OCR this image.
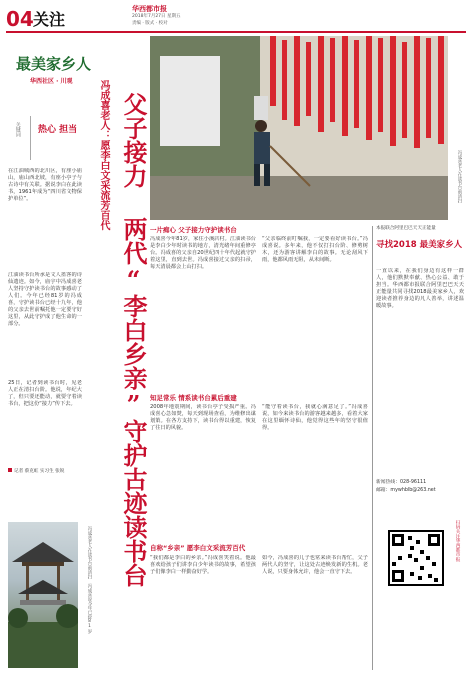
04 关注
华西都市报
2018年7月27日 星期五
责编 · 版式 · 校对
最美家乡人
华西社区 · 川观
关键词 热心 担当
在江油城西的北川区，有座小庙山，庙山西北坡，有座小亭子与古诗中有关联。据说李白在此读书，1961年成为“四川省文物保护单位”。
江油读书台所承是文人墨客的诗仙遗迹。如今，庙宇中冯成喜老人坚持守护读书台的故事感动了人们。今年已经81岁的冯成喜，守护读书台已经十九年，他的父亲去世前嘱托他一定要守好这里，从此守护成了他生命的一部分。
25日，记者到读书台时，见老人正在清扫台阶。他说，年纪大了，但只要还能动，就要守着读书台，把这份“接力”传下去。
记者 蔡克虹 实习生 张锐
冯成喜老人在读书台前清扫 冯成喜说今年已经81岁
冯成喜老人：愿李白文采流芳百代 父子接力 两代“李白乡亲”守护古迹读书台	冯成喜老人在读书台前清扫
一片痴心 父子接力守护读书台
冯成喜今年81岁，家住小溪店村。江油读书台是李白少年时读书的地方，清光绪年间重修亭台。冯成喜的父亲自20世纪四十年代起就守护着这里，直到去世。冯成喜接过父亲的扫帚，每天清晨都会上山打扫。
“父亲临终前叮嘱我，一定要看好读书台。”冯成喜说。多年来，他不仅打扫台阶、修剪树木，还为游客讲解李白的故事。无论刮风下雨，他都风雨无阻，从未间断。
知足常乐 情系读书台累后重建
2008年地震期间，读书台亭子受损严重。冯成喜心急如焚，每天到现场查看，为维修出谋划策。在各方支持下，读书台得以重建，恢复了往日的风貌。
“能守着读书台，我就心满意足了。”冯成喜说，如今来读书台的游客越来越多，看着大家在这里缅怀诗仙，他觉得这些年的坚守很值得。
自称“乡亲” 愿李白文采流芳百代
“我们都是李白的乡亲。”冯成喜笑着说。他最喜欢给孩子们讲李白少年读书的故事，希望孩子们像李白一样勤奋好学。
如今，冯成喜的儿子也常来读书台帮忙，父子两代人的坚守，让这处古迹焕发新的生机。老人说，只要身体允许，他会一直守下去。
本报联合阿里巴巴天天正能量
寻找2018 最美家乡人
一直以来，在我们身边有这样一群人，他们默默奉献、热心公益、敢于担当。华西都市报联合阿里巴巴天天正能量共同寻找2018最美家乡人，欢迎读者推荐身边的凡人善举，讲述温暖故事。
新闻热线：028-96111
邮箱：mywhblb@263.net
扫码关注华西都市报
